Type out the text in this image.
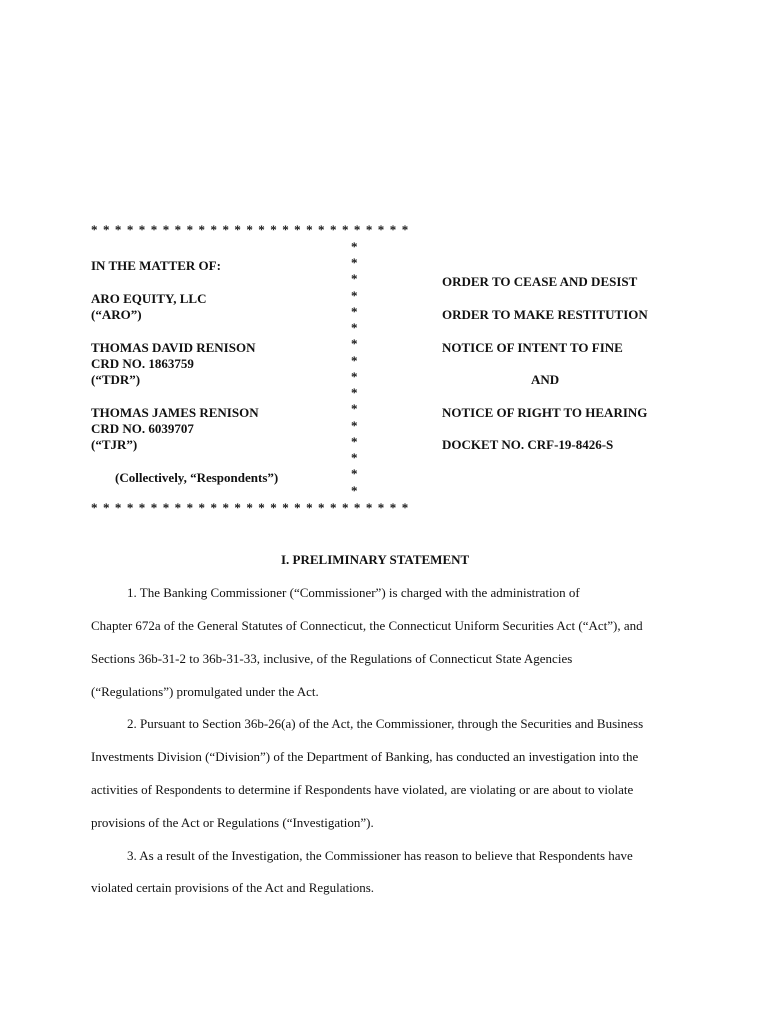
* * * * * * * * * * * * * * * * * * * * * * * * * * *
*
*
*
*
*
*
*
*
*
*
*
*
*
*
*
*
IN THE MATTER OF:
ARO EQUITY, LLC
(“ARO”)
THOMAS DAVID RENISON
CRD NO. 1863759
(“TDR”)
THOMAS JAMES RENISON
CRD NO. 6039707
(“TJR”)
(Collectively, “Respondents”)
* * * * * * * * * * * * * * * * * * * * * * * * * * *
ORDER TO CEASE AND DESIST
ORDER TO MAKE RESTITUTION
NOTICE OF INTENT TO FINE
AND
NOTICE OF RIGHT TO HEARING
DOCKET NO. CRF-19-8426-S
I. PRELIMINARY STATEMENT
1. The Banking Commissioner (“Commissioner”) is charged with the administration of
Chapter 672a of the General Statutes of Connecticut, the Connecticut Uniform Securities Act (“Act”), and
Sections 36b-31-2 to 36b-31-33, inclusive, of the Regulations of Connecticut State Agencies
(“Regulations”) promulgated under the Act.
2. Pursuant to Section 36b-26(a) of the Act, the Commissioner, through the Securities and Business
Investments Division (“Division”) of the Department of Banking, has conducted an investigation into the
activities of Respondents to determine if Respondents have violated, are violating or are about to violate
provisions of the Act or Regulations (“Investigation”).
3. As a result of the Investigation, the Commissioner has reason to believe that Respondents have
violated certain provisions of the Act and Regulations.
